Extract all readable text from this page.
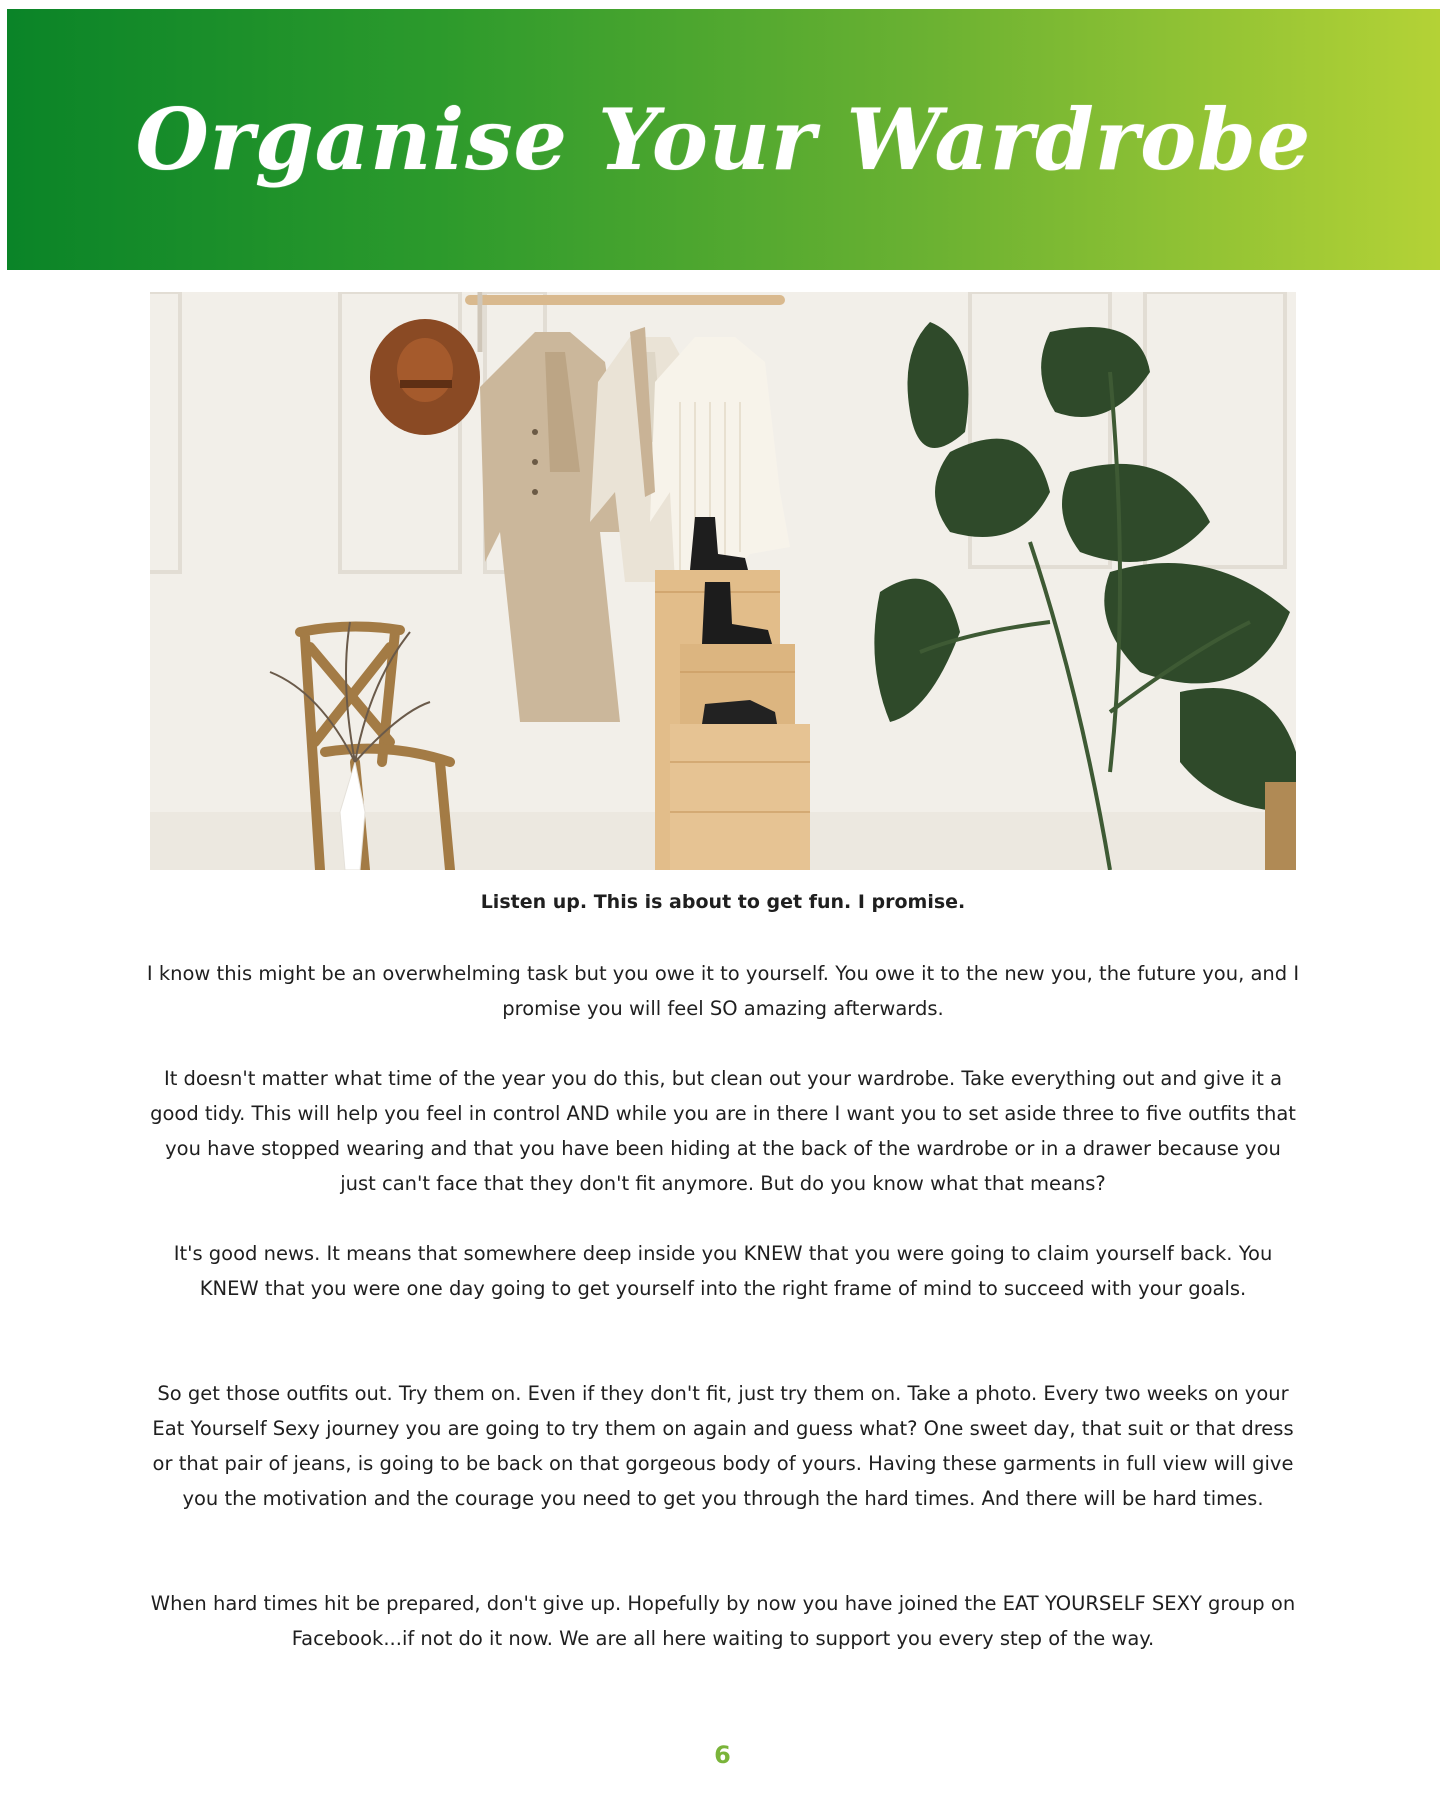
Organise Your Wardrobe
Listen up. This is about to get fun. I promise.

I know this might be an overwhelming task but you owe it to yourself. You owe it to the new you, the future you, and I promise you will feel SO amazing afterwards.

It doesn't matter what time of the year you do this, but clean out your wardrobe. Take everything out and give it a good tidy. This will help you feel in control AND while you are in there I want you to set aside three to five outfits that you have stopped wearing and that you have been hiding at the back of the wardrobe or in a drawer because you just can't face that they don't fit anymore. But do you know what that means?

It's good news. It means that somewhere deep inside you KNEW that you were going to claim yourself back. You KNEW that you were one day going to get yourself into the right frame of mind to succeed with your goals.

So get those outfits out. Try them on. Even if they don't fit, just try them on. Take a photo. Every two weeks on your Eat Yourself Sexy journey you are going to try them on again and guess what? One sweet day, that suit or that dress or that pair of jeans, is going to be back on that gorgeous body of yours. Having these garments in full view will give you the motivation and the courage you need to get you through the hard times. And there will be hard times.

When hard times hit be prepared, don't give up. Hopefully by now you have joined the EAT YOURSELF SEXY group on Facebook...if not do it now. We are all here waiting to support you every step of the way.

6
